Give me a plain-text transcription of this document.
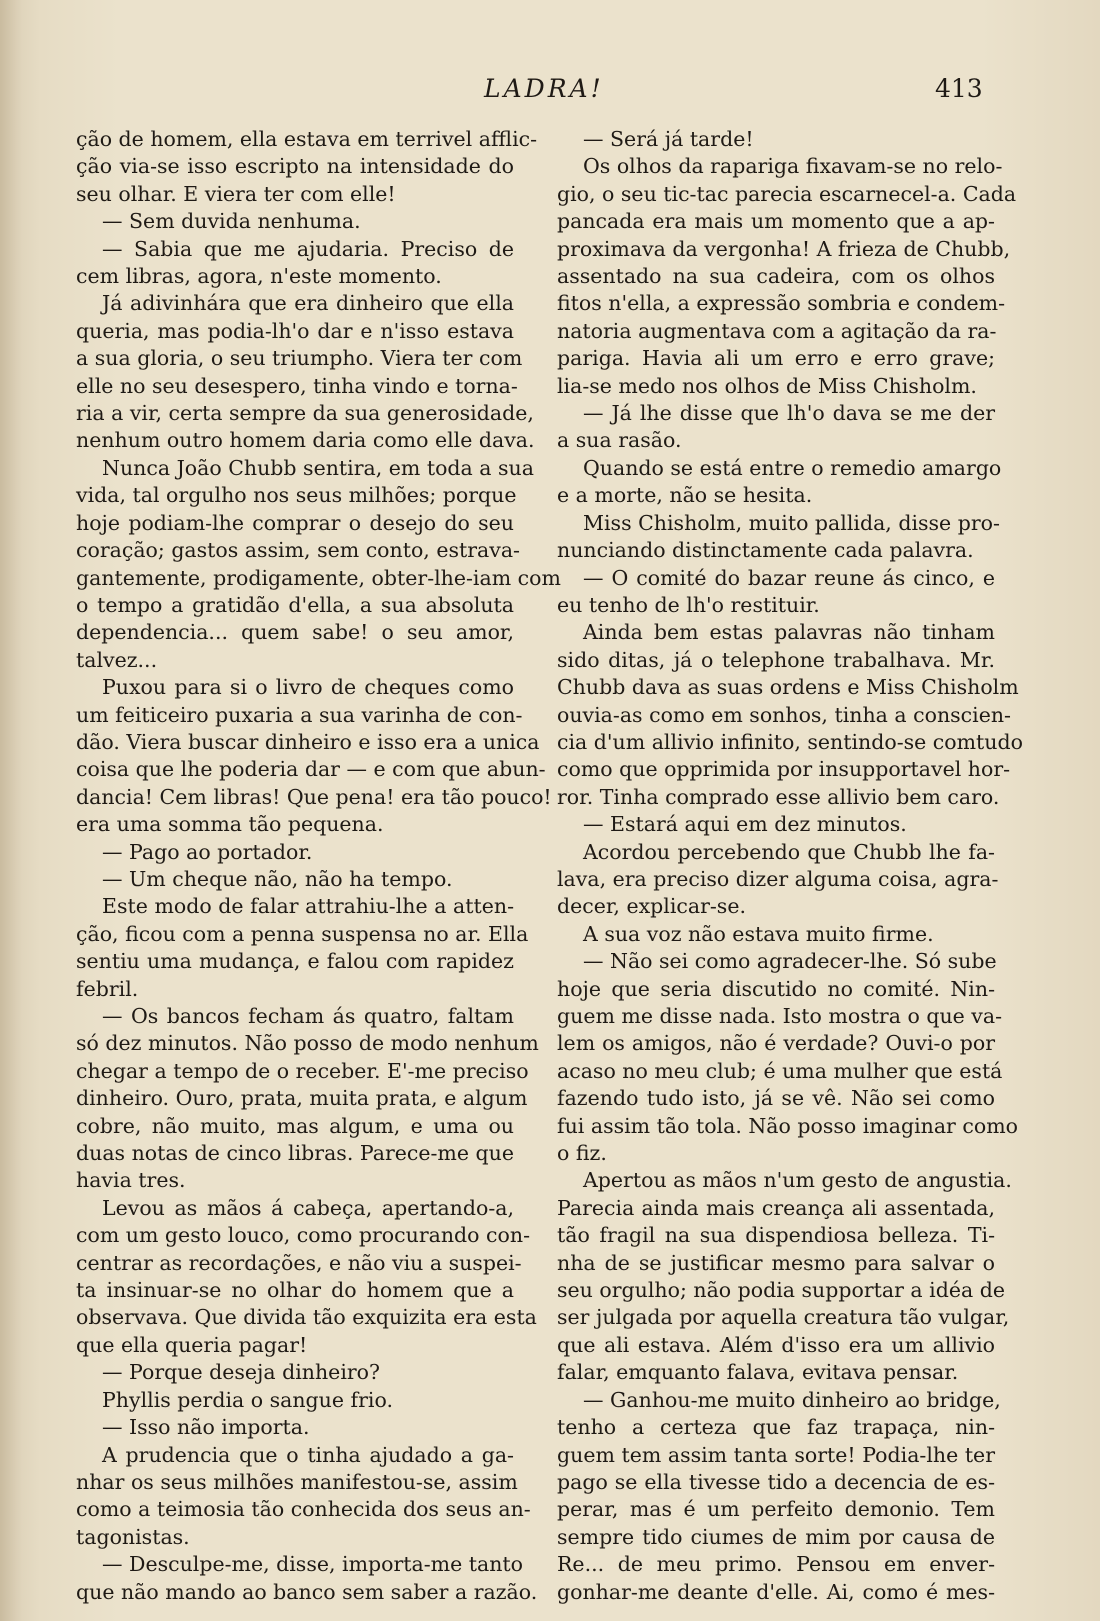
LADRA!	413
ção de homem, ella estava em terrivel afflic-
ção via-se isso escripto na intensidade do
seu olhar. E viera ter com elle!
— Sem duvida nenhuma.
— Sabia que me ajudaria. Preciso de
cem libras, agora, n'este momento.
Já adivinhára que era dinheiro que ella
queria, mas podia-lh'o dar e n'isso estava
a sua gloria, o seu triumpho. Viera ter com
elle no seu desespero, tinha vindo e torna-
ria a vir, certa sempre da sua generosidade,
nenhum outro homem daria como elle dava.
Nunca João Chubb sentira, em toda a sua
vida, tal orgulho nos seus milhões; porque
hoje podiam-lhe comprar o desejo do seu
coração; gastos assim, sem conto, estrava-
gantemente, prodigamente, obter-lhe-iam com
o tempo a gratidão d'ella, a sua absoluta
dependencia... quem sabe! o seu amor,
talvez...
Puxou para si o livro de cheques como
um feiticeiro puxaria a sua varinha de con-
dão. Viera buscar dinheiro e isso era a unica
coisa que lhe poderia dar — e com que abun-
dancia! Cem libras! Que pena! era tão pouco!
era uma somma tão pequena.
— Pago ao portador.
— Um cheque não, não ha tempo.
Este modo de falar attrahiu-lhe a atten-
ção, ficou com a penna suspensa no ar. Ella
sentiu uma mudança, e falou com rapidez
febril.
— Os bancos fecham ás quatro, faltam
só dez minutos. Não posso de modo nenhum
chegar a tempo de o receber. E'-me preciso
dinheiro. Ouro, prata, muita prata, e algum
cobre, não muito, mas algum, e uma ou
duas notas de cinco libras. Parece-me que
havia tres.
Levou as mãos á cabeça, apertando-a,
com um gesto louco, como procurando con-
centrar as recordações, e não viu a suspei-
ta insinuar-se no olhar do homem que a
observava. Que divida tão exquizita era esta
que ella queria pagar!
— Porque deseja dinheiro?
Phyllis perdia o sangue frio.
— Isso não importa.
A prudencia que o tinha ajudado a ga-
nhar os seus milhões manifestou-se, assim
como a teimosia tão conhecida dos seus an-
tagonistas.
— Desculpe-me, disse, importa-me tanto
que não mando ao banco sem saber a razão.
— Será já tarde!
Os olhos da rapariga fixavam-se no relo-
gio, o seu tic-tac parecia escarnecel-a. Cada
pancada era mais um momento que a ap-
proximava da vergonha! A frieza de Chubb,
assentado na sua cadeira, com os olhos
fitos n'ella, a expressão sombria e condem-
natoria augmentava com a agitação da ra-
pariga. Havia ali um erro e erro grave;
lia-se medo nos olhos de Miss Chisholm.
— Já lhe disse que lh'o dava se me der
a sua rasão.
Quando se está entre o remedio amargo
e a morte, não se hesita.
Miss Chisholm, muito pallida, disse pro-
nunciando distinctamente cada palavra.
— O comité do bazar reune ás cinco, e
eu tenho de lh'o restituir.
Ainda bem estas palavras não tinham
sido ditas, já o telephone trabalhava. Mr.
Chubb dava as suas ordens e Miss Chisholm
ouvia-as como em sonhos, tinha a conscien-
cia d'um allivio infinito, sentindo-se comtudo
como que opprimida por insupportavel hor-
ror. Tinha comprado esse allivio bem caro.
— Estará aqui em dez minutos.
Acordou percebendo que Chubb lhe fa-
lava, era preciso dizer alguma coisa, agra-
decer, explicar-se.
A sua voz não estava muito firme.
— Não sei como agradecer-lhe. Só sube
hoje que seria discutido no comité. Nin-
guem me disse nada. Isto mostra o que va-
lem os amigos, não é verdade? Ouvi-o por
acaso no meu club; é uma mulher que está
fazendo tudo isto, já se vê. Não sei como
fui assim tão tola. Não posso imaginar como
o fiz.
Apertou as mãos n'um gesto de angustia.
Parecia ainda mais creança ali assentada,
tão fragil na sua dispendiosa belleza. Ti-
nha de se justificar mesmo para salvar o
seu orgulho; não podia supportar a idéa de
ser julgada por aquella creatura tão vulgar,
que ali estava. Além d'isso era um allivio
falar, emquanto falava, evitava pensar.
— Ganhou-me muito dinheiro ao bridge,
tenho a certeza que faz trapaça, nin-
guem tem assim tanta sorte! Podia-lhe ter
pago se ella tivesse tido a decencia de es-
perar, mas é um perfeito demonio. Tem
sempre tido ciumes de mim por causa de
Re... de meu primo. Pensou em enver-
gonhar-me deante d'elle. Ai, como é mes-
